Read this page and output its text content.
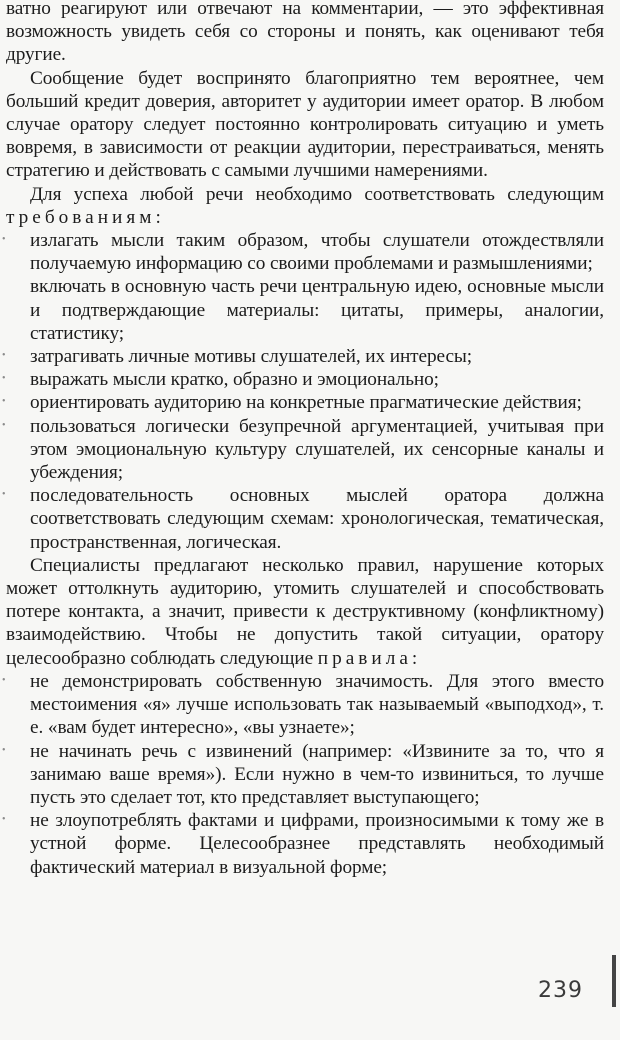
ватно реагируют или отвечают на комментарии, — это эффективная возможность увидеть себя со стороны и понять, как оценивают тебя другие.

Сообщение будет воспринято благоприятно тем вероятнее, чем больший кредит доверия, авторитет у аудитории имеет оратор. В любом случае оратору следует постоянно контролировать ситуацию и уметь вовремя, в зависимости от реакции аудитории, перестраиваться, менять стратегию и действовать с самыми лучшими намерениями.

Для успеха любой речи необходимо соответствовать следующим требованиям:

• излагать мысли таким образом, чтобы слушатели отождествляли получаемую информацию со своими проблемами и размышлениями;
включать в основную часть речи центральную идею, основные мысли и подтверждающие материалы: цитаты, примеры, аналогии, статистику;
• затрагивать личные мотивы слушателей, их интересы;
• выражать мысли кратко, образно и эмоционально;
• ориентировать аудиторию на конкретные прагматические действия;
• пользоваться логически безупречной аргументацией, учитывая при этом эмоциональную культуру слушателей, их сенсорные каналы и убеждения;
• последовательность основных мыслей оратора должна соответствовать следующим схемам: хронологическая, тематическая, пространственная, логическая.

Специалисты предлагают несколько правил, нарушение которых может оттолкнуть аудиторию, утомить слушателей и способствовать потере контакта, а значит, привести к деструктивному (конфликтному) взаимодействию. Чтобы не допустить такой ситуации, оратору целесообразно соблюдать следующие правила:

• не демонстрировать собственную значимость. Для этого вместо местоимения «я» лучше использовать так называемый «выподход», т. е. «вам будет интересно», «вы узнаете»;
• не начинать речь с извинений (например: «Извините за то, что я занимаю ваше время»). Если нужно в чем-то извиниться, то лучше пусть это сделает тот, кто представляет выступающего;
• не злоупотреблять фактами и цифрами, произносимыми к тому же в устной форме. Целесообразнее представлять необходимый фактический материал в визуальной форме;
239
